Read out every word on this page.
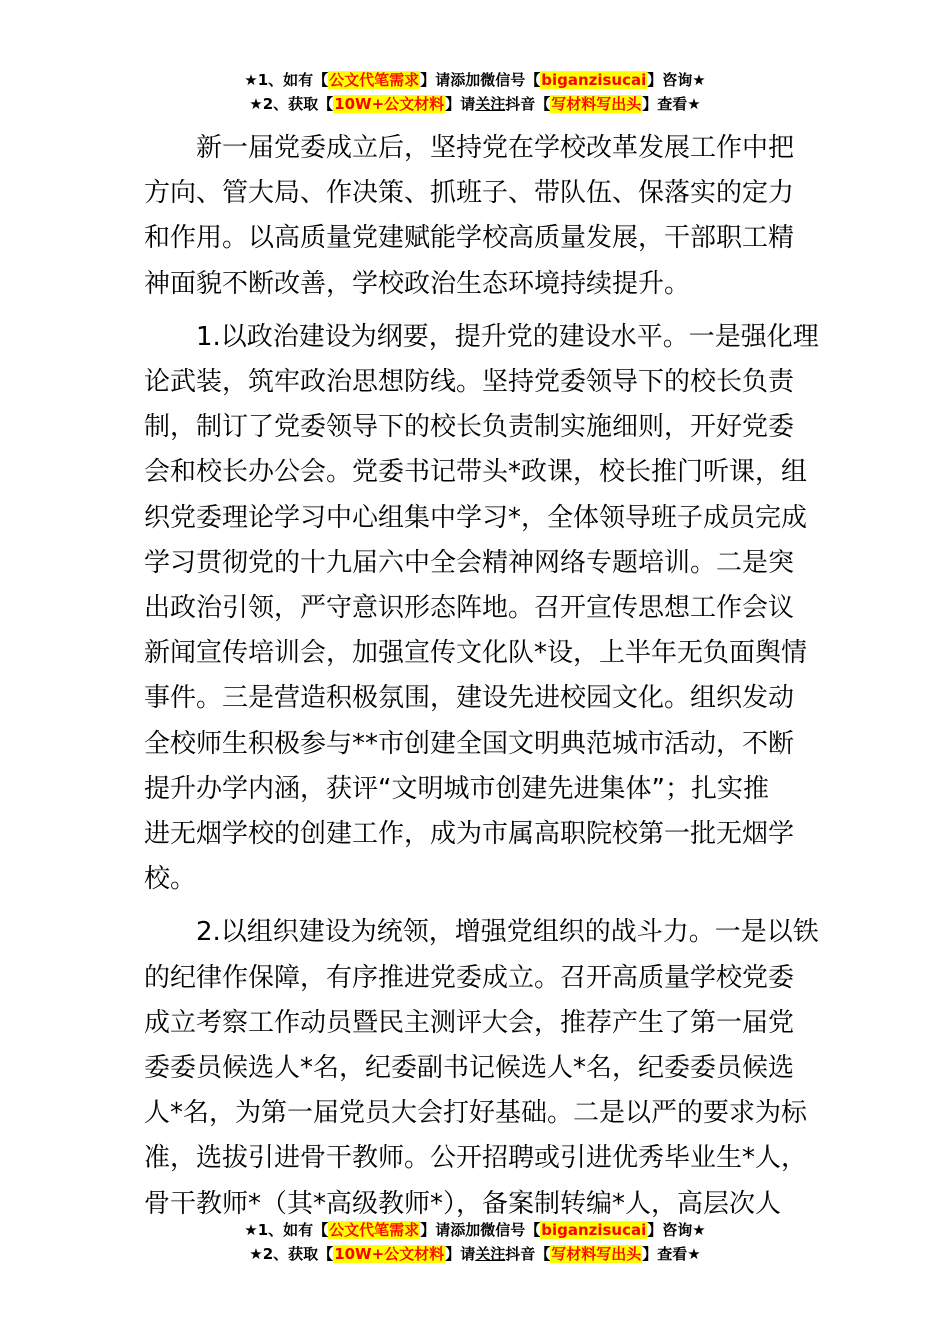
★1、如有【公文代笔需求】请添加微信号【biganzisucai】咨询★
★2、获取【10W+公文材料】请关注抖音【写材料写出头】查看★

新一届党委成立后，坚持党在学校改革发展工作中把
方向、管大局、作决策、抓班子、带队伍、保落实的定力
和作用。以高质量党建赋能学校高质量发展，干部职工精
神面貌不断改善，学校政治生态环境持续提升。

1.以政治建设为纲要，提升党的建设水平。一是强化理
论武装，筑牢政治思想防线。坚持党委领导下的校长负责
制，制订了党委领导下的校长负责制实施细则，开好党委
会和校长办公会。党委书记带头*政课，校长推门听课，组
织党委理论学习中心组集中学习*，全体领导班子成员完成
学习贯彻党的十九届六中全会精神网络专题培训。二是突
出政治引领，严守意识形态阵地。召开宣传思想工作会议
新闻宣传培训会，加强宣传文化队*设，上半年无负面舆情
事件。三是营造积极氛围，建设先进校园文化。组织发动
全校师生积极参与**市创建全国文明典范城市活动，不断
提升办学内涵，获评“文明城市创建先进集体”；扎实推
进无烟学校的创建工作，成为市属高职院校第一批无烟学
校。

2.以组织建设为统领，增强党组织的战斗力。一是以铁
的纪律作保障，有序推进党委成立。召开高质量学校党委
成立考察工作动员暨民主测评大会，推荐产生了第一届党
委委员候选人*名，纪委副书记候选人*名，纪委委员候选
人*名，为第一届党员大会打好基础。二是以严的要求为标
准，选拔引进骨干教师。公开招聘或引进优秀毕业生*人，
骨干教师*（其*高级教师*），备案制转编*人，高层次人

★1、如有【公文代笔需求】请添加微信号【biganzisucai】咨询★
★2、获取【10W+公文材料】请关注抖音【写材料写出头】查看★
